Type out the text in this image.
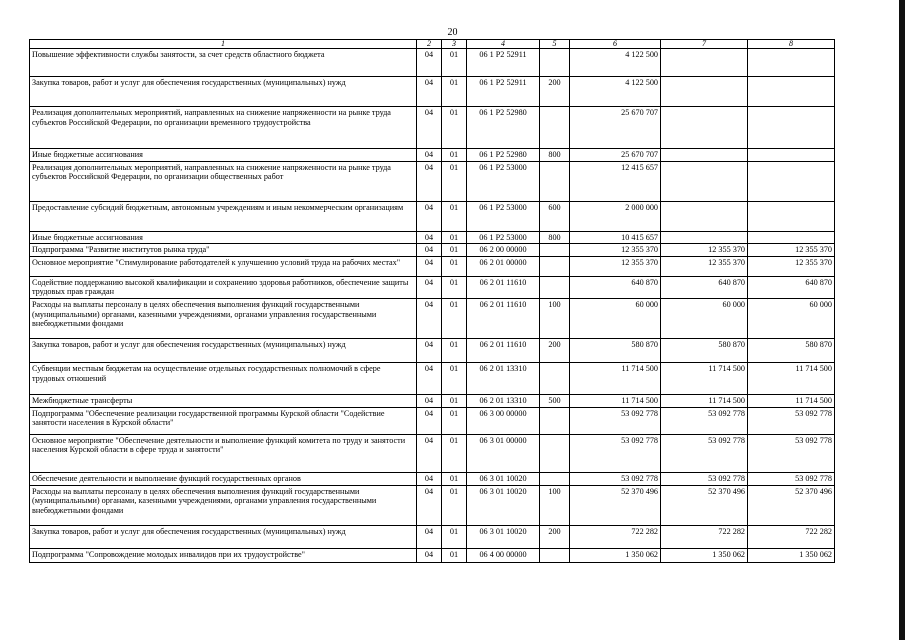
20
1	2	3	4	5	6	7	8
Повышение эффективности службы занятости, за счет средств областного бюджета	04	01	06 1 Р2 52911		4 122 500		
Закупка товаров, работ и услуг для обеспечения государственных (муниципальных) нужд	04	01	06 1 Р2 52911	200	4 122 500		
Реализация дополнительных мероприятий, направленных на снижение напряженности на рынке труда субъектов Российской Федерации, по организации временного трудоустройства	04	01	06 1 Р2 52980		25 670 707		
Иные бюджетные ассигнования	04	01	06 1 Р2 52980	800	25 670 707		
Реализация дополнительных мероприятий, направленных на снижение напряженности на рынке труда субъектов Российской Федерации, по организации общественных работ	04	01	06 1 Р2 53000		12 415 657		
Предоставление субсидий бюджетным, автономным учреждениям и иным некоммерческим организациям	04	01	06 1 Р2 53000	600	2 000 000		
Иные бюджетные ассигнования	04	01	06 1 Р2 53000	800	10 415 657		
Подпрограмма "Развитие институтов рынка труда"	04	01	06 2 00 00000		12 355 370	12 355 370	12 355 370
Основное мероприятие "Стимулирование работодателей к улучшению условий труда на рабочих местах"	04	01	06 2 01 00000		12 355 370	12 355 370	12 355 370
Содействие поддержанию высокой квалификации и сохранению здоровья работников, обеспечение защиты трудовых прав граждан	04	01	06 2 01 11610		640 870	640 870	640 870
Расходы на выплаты персоналу в целях обеспечения выполнения функций государственными (муниципальными) органами, казенными учреждениями, органами управления государственными внебюджетными фондами	04	01	06 2 01 11610	100	60 000	60 000	60 000
Закупка товаров, работ и услуг для обеспечения государственных (муниципальных) нужд	04	01	06 2 01 11610	200	580 870	580 870	580 870
Субвенции местным бюджетам на осуществление отдельных государственных полномочий в сфере трудовых отношений	04	01	06 2 01 13310		11 714 500	11 714 500	11 714 500
Межбюджетные трансферты	04	01	06 2 01 13310	500	11 714 500	11 714 500	11 714 500
Подпрограмма "Обеспечение реализации государственной программы Курской области "Содействие занятости населения в Курской области"	04	01	06 3 00 00000		53 092 778	53 092 778	53 092 778
Основное мероприятие "Обеспечение деятельности и выполнение функций комитета по труду и занятости населения Курской области в сфере труда и занятости"	04	01	06 3 01 00000		53 092 778	53 092 778	53 092 778
Обеспечение деятельности и выполнение функций государственных органов	04	01	06 3 01 10020		53 092 778	53 092 778	53 092 778
Расходы на выплаты персоналу в целях обеспечения выполнения функций государственными (муниципальными) органами, казенными учреждениями, органами управления государственными внебюджетными фондами	04	01	06 3 01 10020	100	52 370 496	52 370 496	52 370 496
Закупка товаров, работ и услуг для обеспечения государственных (муниципальных) нужд	04	01	06 3 01 10020	200	722 282	722 282	722 282
Подпрограмма "Сопровождение молодых инвалидов при их трудоустройстве"	04	01	06 4 00 00000		1 350 062	1 350 062	1 350 062
